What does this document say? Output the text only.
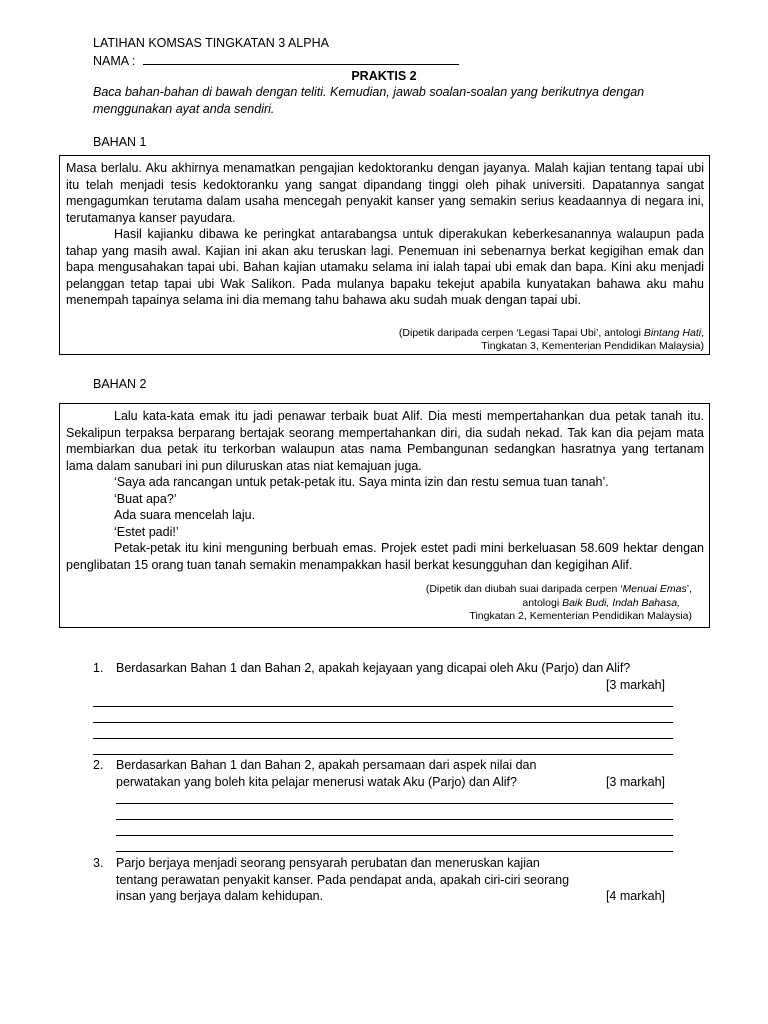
LATIHAN KOMSAS TINGKATAN 3 ALPHA
NAMA :
PRAKTIS 2
Baca bahan-bahan di bawah dengan teliti. Kemudian, jawab soalan-soalan yang berikutnya dengan menggunakan ayat anda sendiri.
BAHAN 1

Masa berlalu. Aku akhirnya menamatkan pengajian kedoktoranku dengan jayanya. Malah kajian tentang tapai ubi itu telah menjadi tesis kedoktoranku yang sangat dipandang tinggi oleh pihak universiti. Dapatannya sangat mengagumkan terutama dalam usaha mencegah penyakit kanser yang semakin serius keadaannya di negara ini, terutamanya kanser payudara.

Hasil kajianku dibawa ke peringkat antarabangsa untuk diperakukan keberkesanannya walaupun pada tahap yang masih awal. Kajian ini akan aku teruskan lagi. Penemuan ini sebenarnya berkat kegigihan emak dan bapa mengusahakan tapai ubi. Bahan kajian utamaku selama ini ialah tapai ubi emak dan bapa. Kini aku menjadi pelanggan tetap tapai ubi Wak Salikon. Pada mulanya bapaku tekejut apabila kunyatakan bahawa aku mahu menempah tapainya selama ini dia memang tahu bahawa aku sudah muak dengan tapai ubi.

(Dipetik daripada cerpen ‘Legasi Tapai Ubi’, antologi Bintang Hati,
Tingkatan 3, Kementerian Pendidikan Malaysia)
BAHAN 2

Lalu kata-kata emak itu jadi penawar terbaik buat Alif. Dia mesti mempertahankan dua petak tanah itu. Sekalipun terpaksa berparang bertajak seorang mempertahankan diri, dia sudah nekad. Tak kan dia pejam mata membiarkan dua petak itu terkorban walaupun atas nama Pembangunan sedangkan hasratnya yang tertanam lama dalam sanubari ini pun diluruskan atas niat kemajuan juga.

‘Saya ada rancangan untuk petak-petak itu. Saya minta izin dan restu semua tuan tanah’.

‘Buat apa?’

Ada suara mencelah laju.

‘Estet padi!’

Petak-petak itu kini menguning berbuah emas. Projek estet padi mini berkeluasan 58.609 hektar dengan penglibatan 15 orang tuan tanah semakin menampakkan hasil berkat kesungguhan dan kegigihan Alif.

(Dipetik dan diubah suai daripada cerpen ‘Menuai Emas’,
antologi Baik Budi, Indah Bahasa,
Tingkatan 2, Kementerian Pendidikan Malaysia)
1. Berdasarkan Bahan 1 dan Bahan 2, apakah kejayaan yang dicapai oleh Aku (Parjo) dan Alif?
[3 markah]
2. Berdasarkan Bahan 1 dan Bahan 2, apakah persamaan dari aspek nilai dan perwatakan yang boleh kita pelajar menerusi watak Aku (Parjo) dan Alif?	[3 markah]
3. Parjo berjaya menjadi seorang pensyarah perubatan dan meneruskan kajian tentang perawatan penyakit kanser. Pada pendapat anda, apakah ciri-ciri seorang insan yang berjaya dalam kehidupan.	[4 markah]
